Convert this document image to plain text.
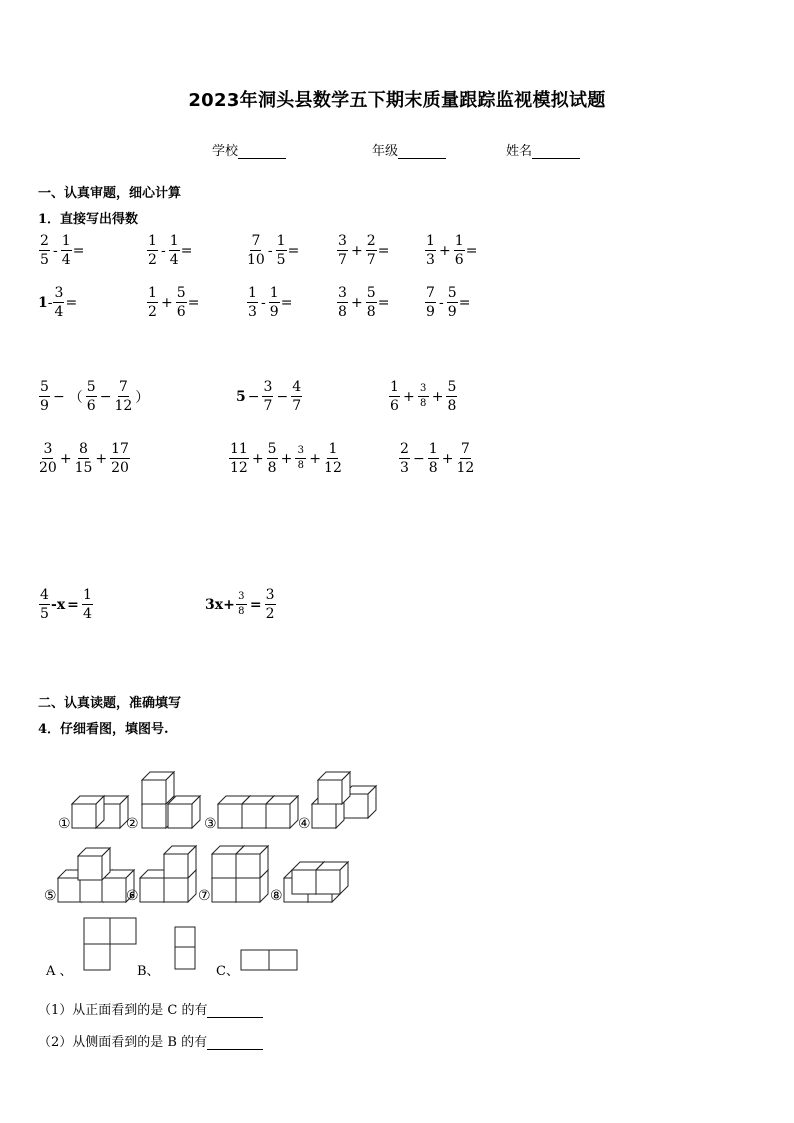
2023年洞头县数学五下期末质量跟踪监视模拟试题
学校	年级	姓名
一、认真审题，细心计算
1．直接写出得数
$\frac{5}{9}$ − （ $\frac{5}{6} - \frac{7}{12}$ ）	$5 - \frac{3}{7} - \frac{4}{7}$	$\frac{1}{6} + \frac{3}{8} + \frac{5}{8}$
$\frac{3}{20} + \frac{8}{15} + \frac{17}{20}$	$\frac{11}{12} + \frac{5}{8} + \frac{3}{8} + \frac{1}{12}$	$\frac{2}{3} - \frac{1}{8} + \frac{7}{12}$
$\frac{4}{5} - x = \frac{1}{4}$	$3x + \frac{3}{8} = \frac{3}{2}$
二、认真读题，准确填写
4．仔细看图，填图号.
①	②	③	④
⑤	⑥	⑦	⑧
A 、	B、	C、
（1）从正面看到的是 C 的有
（2）从侧面看到的是 B 的有
$\frac{2}{5} - \frac{1}{4}$ =	$\frac{1}{2} - \frac{1}{4}$ =	$\frac{7}{10} - \frac{1}{5}$ =	$\frac{3}{7} + \frac{2}{7}$ =	$\frac{1}{3} + \frac{1}{6}$ =
$1 - \frac{3}{4}$ =	$\frac{1}{2} + \frac{5}{6}$ =	$\frac{1}{3} - \frac{1}{9}$ =	$\frac{3}{8} + \frac{5}{8}$ =	$\frac{7}{9} - \frac{5}{9}$ =
